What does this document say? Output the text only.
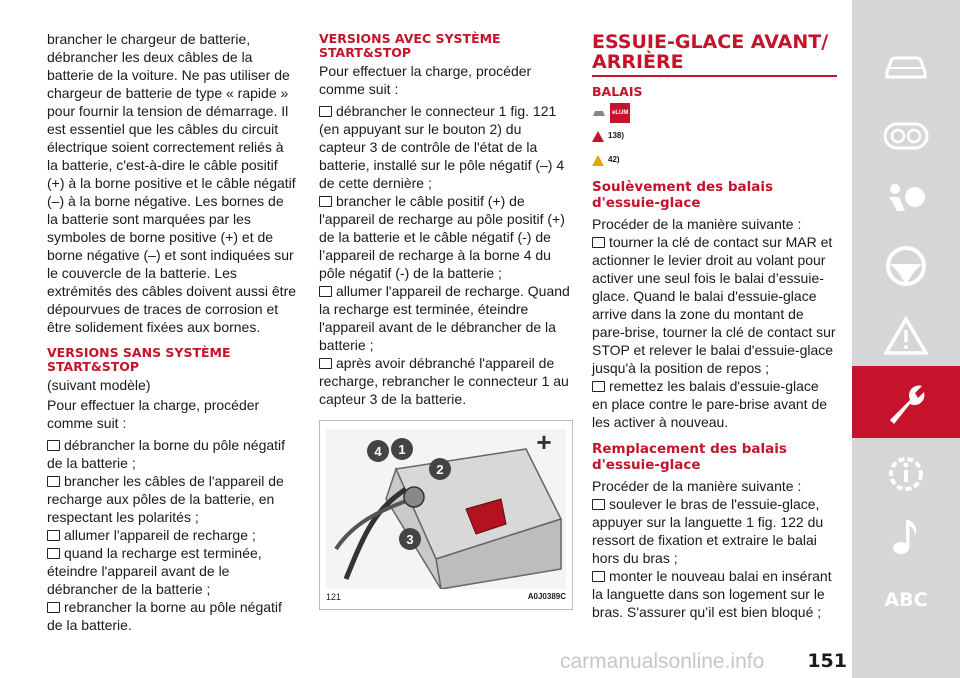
brancher le chargeur de batterie, débrancher les deux câbles de la batterie de la voiture. Ne pas utiliser de chargeur de batterie de type « rapide » pour fournir la tension de démarrage. Il est essentiel que les câbles du circuit électrique soient correctement reliés à la batterie, c'est-à-dire le câble positif (+) à la borne positive et le câble négatif (–) à la borne négative. Les bornes de la batterie sont marquées par les symboles de borne positive (+) et de borne négative (–) et sont indiquées sur le couvercle de la batterie. Les extrémités des câbles doivent aussi être dépourvues de traces de corrosion et être solidement fixées aux bornes.

VERSIONS SANS SYSTÈME START&STOP

(suivant modèle)

Pour effectuer la charge, procéder comme suit :

débrancher la borne du pôle négatif de la batterie ;
brancher les câbles de l'appareil de recharge aux pôles de la batterie, en respectant les polarités ;
allumer l'appareil de recharge ;
quand la recharge est terminée, éteindre l'appareil avant de le débrancher de la batterie ;
rebrancher la borne au pôle négatif de la batterie.
VERSIONS AVEC SYSTÈME START&STOP

Pour effectuer la charge, procéder comme suit :

débrancher le connecteur 1 fig. 121 (en appuyant sur le bouton 2) du capteur 3 de contrôle de l'état de la batterie, installé sur le pôle négatif (–) 4 de cette dernière ;
brancher le câble positif (+) de l'appareil de recharge au pôle positif (+) de la batterie et le câble négatif (-) de l’appareil de recharge à la borne 4 du pôle négatif (-) de la batterie ;
allumer l'appareil de recharge. Quand la recharge est terminée, éteindre l'appareil avant de le débrancher de la batterie ;
après avoir débranché l'appareil de recharge, rebrancher le connecteur 1 au capteur 3 de la batterie.
4 1
2
3
+
121	A0J0389C
ESSUIE-GLACE AVANT/ ARRIÈRE
BALAIS
eLUM
138)
42)
Soulèvement des balais d'essuie-glace

Procéder de la manière suivante :

tourner la clé de contact sur MAR et actionner le levier droit au volant pour activer une seul fois le balai d’essuie-glace. Quand le balai d'essuie-glace arrive dans la zone du montant de pare-brise, tourner la clé de contact sur STOP et relever le balai d'essuie-glace jusqu'à la position de repos ;
remettez les balais d'essuie-glace en place contre le pare-brise avant de les activer à nouveau.
Remplacement des balais d'essuie-glace

Procéder de la manière suivante :

soulever le bras de l'essuie-glace, appuyer sur la languette 1 fig. 122 du ressort de fixation et extraire le balai hors du bras ;
monter le nouveau balai en insérant la languette dans son logement sur le bras. S'assurer qu’il est bien bloqué ;
ABC
carmanualsonline.info 151
